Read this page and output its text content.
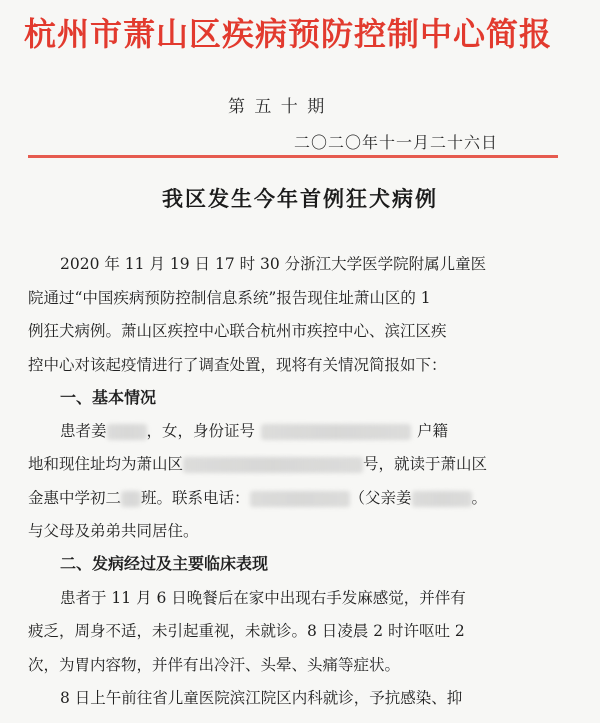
杭州市萧山区疾病预防控制中心简报
第 五 十 期
二〇二〇年十一月二十六日
我区发生今年首例狂犬病例
2020 年 11 月 19 日 17 时 30 分浙江大学医学院附属儿童医
院通过“中国疾病预防控制信息系统”报告现住址萧山区的 1
例狂犬病例。萧山区疾控中心联合杭州市疾控中心、滨江区疾
控中心对该起疫情进行了调查处置，现将有关情况简报如下：
一、基本情况
患者姜	，女，身份证号	户籍
地和现住址均为萧山区	号，就读于萧山区
金惠中学初二 班。联系电话：	（父亲姜	。
与父母及弟弟共同居住。
二、发病经过及主要临床表现
患者于 11 月 6 日晚餐后在家中出现右手发麻感觉，并伴有
疲乏，周身不适，未引起重视，未就诊。8 日凌晨 2 时许呕吐 2
次，为胃内容物，并伴有出冷汗、头晕、头痛等症状。
8 日上午前往省儿童医院滨江院区内科就诊，予抗感染、抑
